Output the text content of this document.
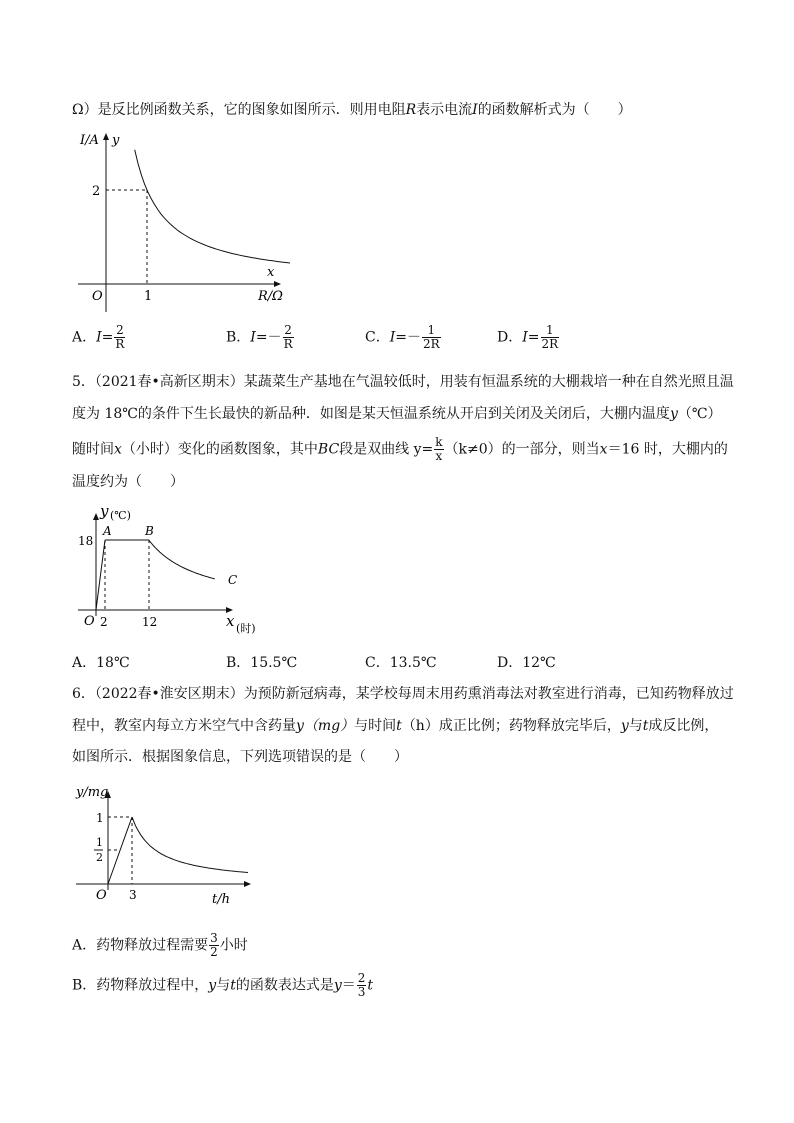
Ω）是反比例函数关系，它的图象如图所示．则用电阻R表示电流I的函数解析式为（　　）
I/A y
2
O	1
x
R/Ω
A．$I= \frac{2}{R}$	B．$I=- \frac{2}{R}$	C．$I=- \frac{1}{2R}$	D．$I= \frac{1}{2R}$
5．（2021春•高新区期末）某蔬菜生产基地在气温较低时，用装有恒温系统的大棚栽培一种在自然光照且温
度为 18℃的条件下生长最快的新品种．如图是某天恒温系统从开启到关闭及关闭后，大棚内温度y（℃）
随时间x（小时）变化的函数图象，其中BC段是双曲线 $y= \frac{k}{x} (k\ne 0)$的一部分，则当x＝16 时，大棚内的
温度约为（　　）
y (℃)
A	B
C
18
O 2	12	x (时)
A．18℃	B．15.5℃	C．13.5℃	D．12℃
6．（2022春•淮安区期末）为预防新冠病毒，某学校每周末用药熏消毒法对教室进行消毒，已知药物释放过
程中，教室内每立方米空气中含药量y（mg）与时间t（h）成正比例；药物释放完毕后，y与t成反比例，
如图所示．根据图象信息，下列选项错误的是（　　）
y/mg
1
1
2
O 3	t/h
A．药物释放过程需要 $\frac{3}{2}$ 小时
B．药物释放过程中，y与t的函数表达式是$y= \frac{2}{3}$ t
